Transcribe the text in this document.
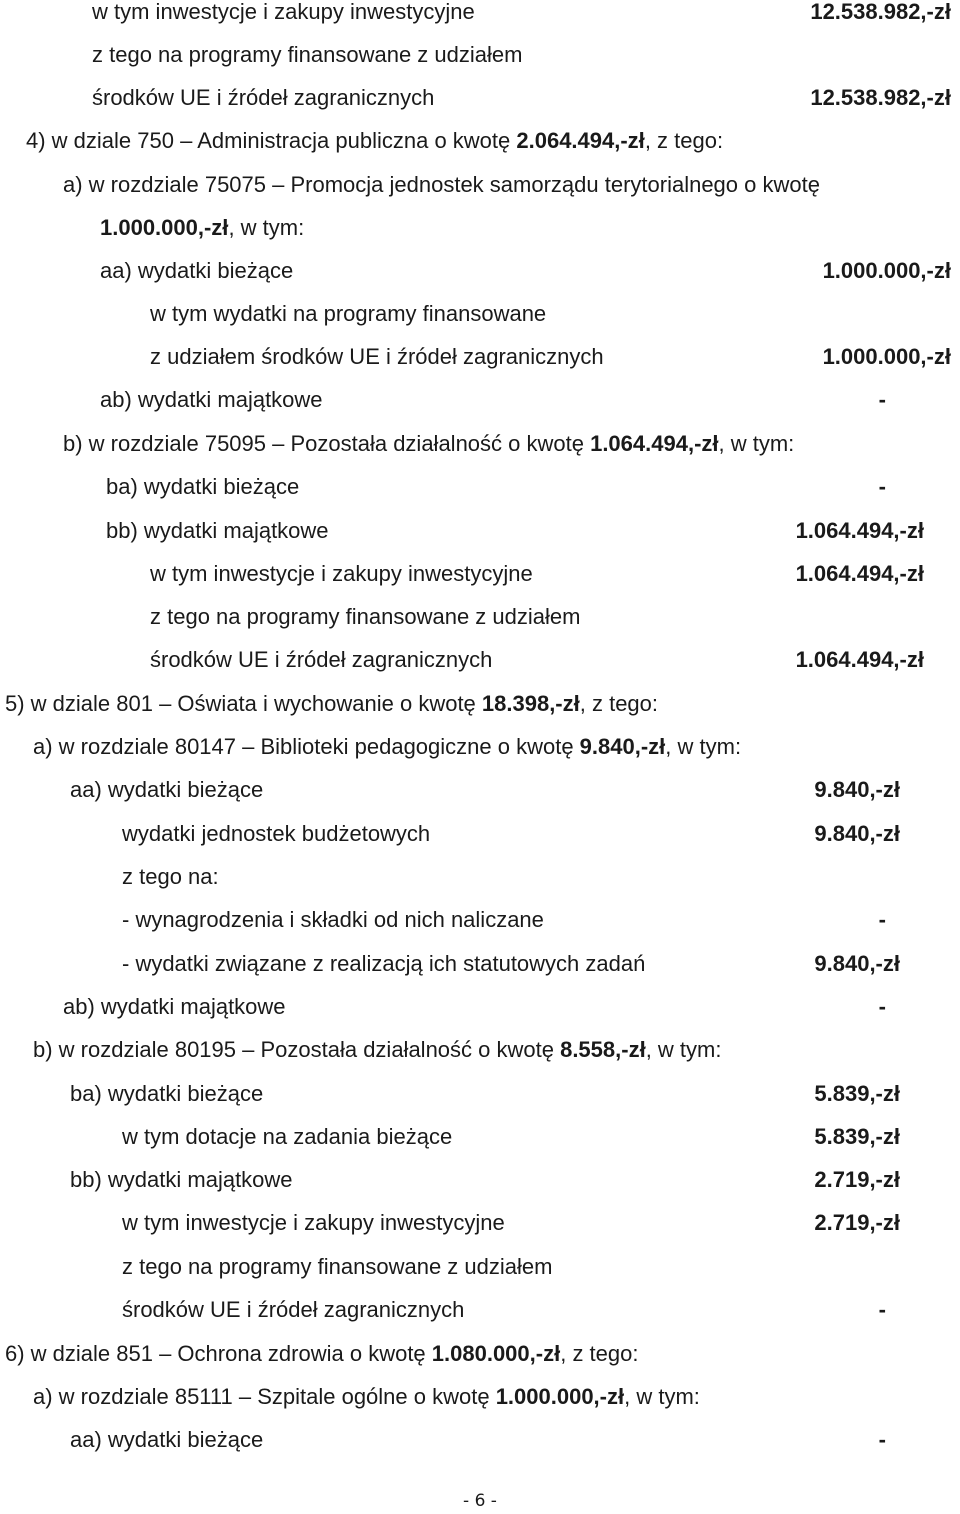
w tym inwestycje i zakupy inwestycyjne	12.538.982,-zł
z tego na programy finansowane z udziałem
środków UE i źródeł zagranicznych	12.538.982,-zł
4) w dziale 750 – Administracja publiczna o kwotę 2.064.494,-zł, z tego:
a) w rozdziale 75075 – Promocja jednostek samorządu terytorialnego o kwotę
1.000.000,-zł, w tym:
aa) wydatki bieżące	1.000.000,-zł
w tym wydatki na programy finansowane
z udziałem środków UE i źródeł zagranicznych	1.000.000,-zł
ab) wydatki majątkowe	-
b) w rozdziale 75095 – Pozostała działalność o kwotę 1.064.494,-zł, w tym:
ba) wydatki bieżące	-
bb) wydatki majątkowe	1.064.494,-zł
w tym inwestycje i zakupy inwestycyjne	1.064.494,-zł
z tego na programy finansowane z udziałem
środków UE i źródeł zagranicznych	1.064.494,-zł
5) w dziale 801 – Oświata i wychowanie o kwotę 18.398,-zł, z tego:
a) w rozdziale 80147 – Biblioteki pedagogiczne o kwotę 9.840,-zł, w tym:
aa) wydatki bieżące	9.840,-zł
wydatki jednostek budżetowych	9.840,-zł
z tego na:
- wynagrodzenia i składki od nich naliczane	-
- wydatki związane z realizacją ich statutowych zadań	9.840,-zł
ab) wydatki majątkowe	-
b) w rozdziale 80195 – Pozostała działalność o kwotę 8.558,-zł, w tym:
ba) wydatki bieżące	5.839,-zł
w tym dotacje na zadania bieżące	5.839,-zł
bb) wydatki majątkowe	2.719,-zł
w tym inwestycje i zakupy inwestycyjne	2.719,-zł
z tego na programy finansowane z udziałem
środków UE i źródeł zagranicznych	-
6) w dziale 851 – Ochrona zdrowia o kwotę 1.080.000,-zł, z tego:
a) w rozdziale 85111 – Szpitale ogólne o kwotę 1.000.000,-zł, w tym:
aa) wydatki bieżące	-
- 6 -
